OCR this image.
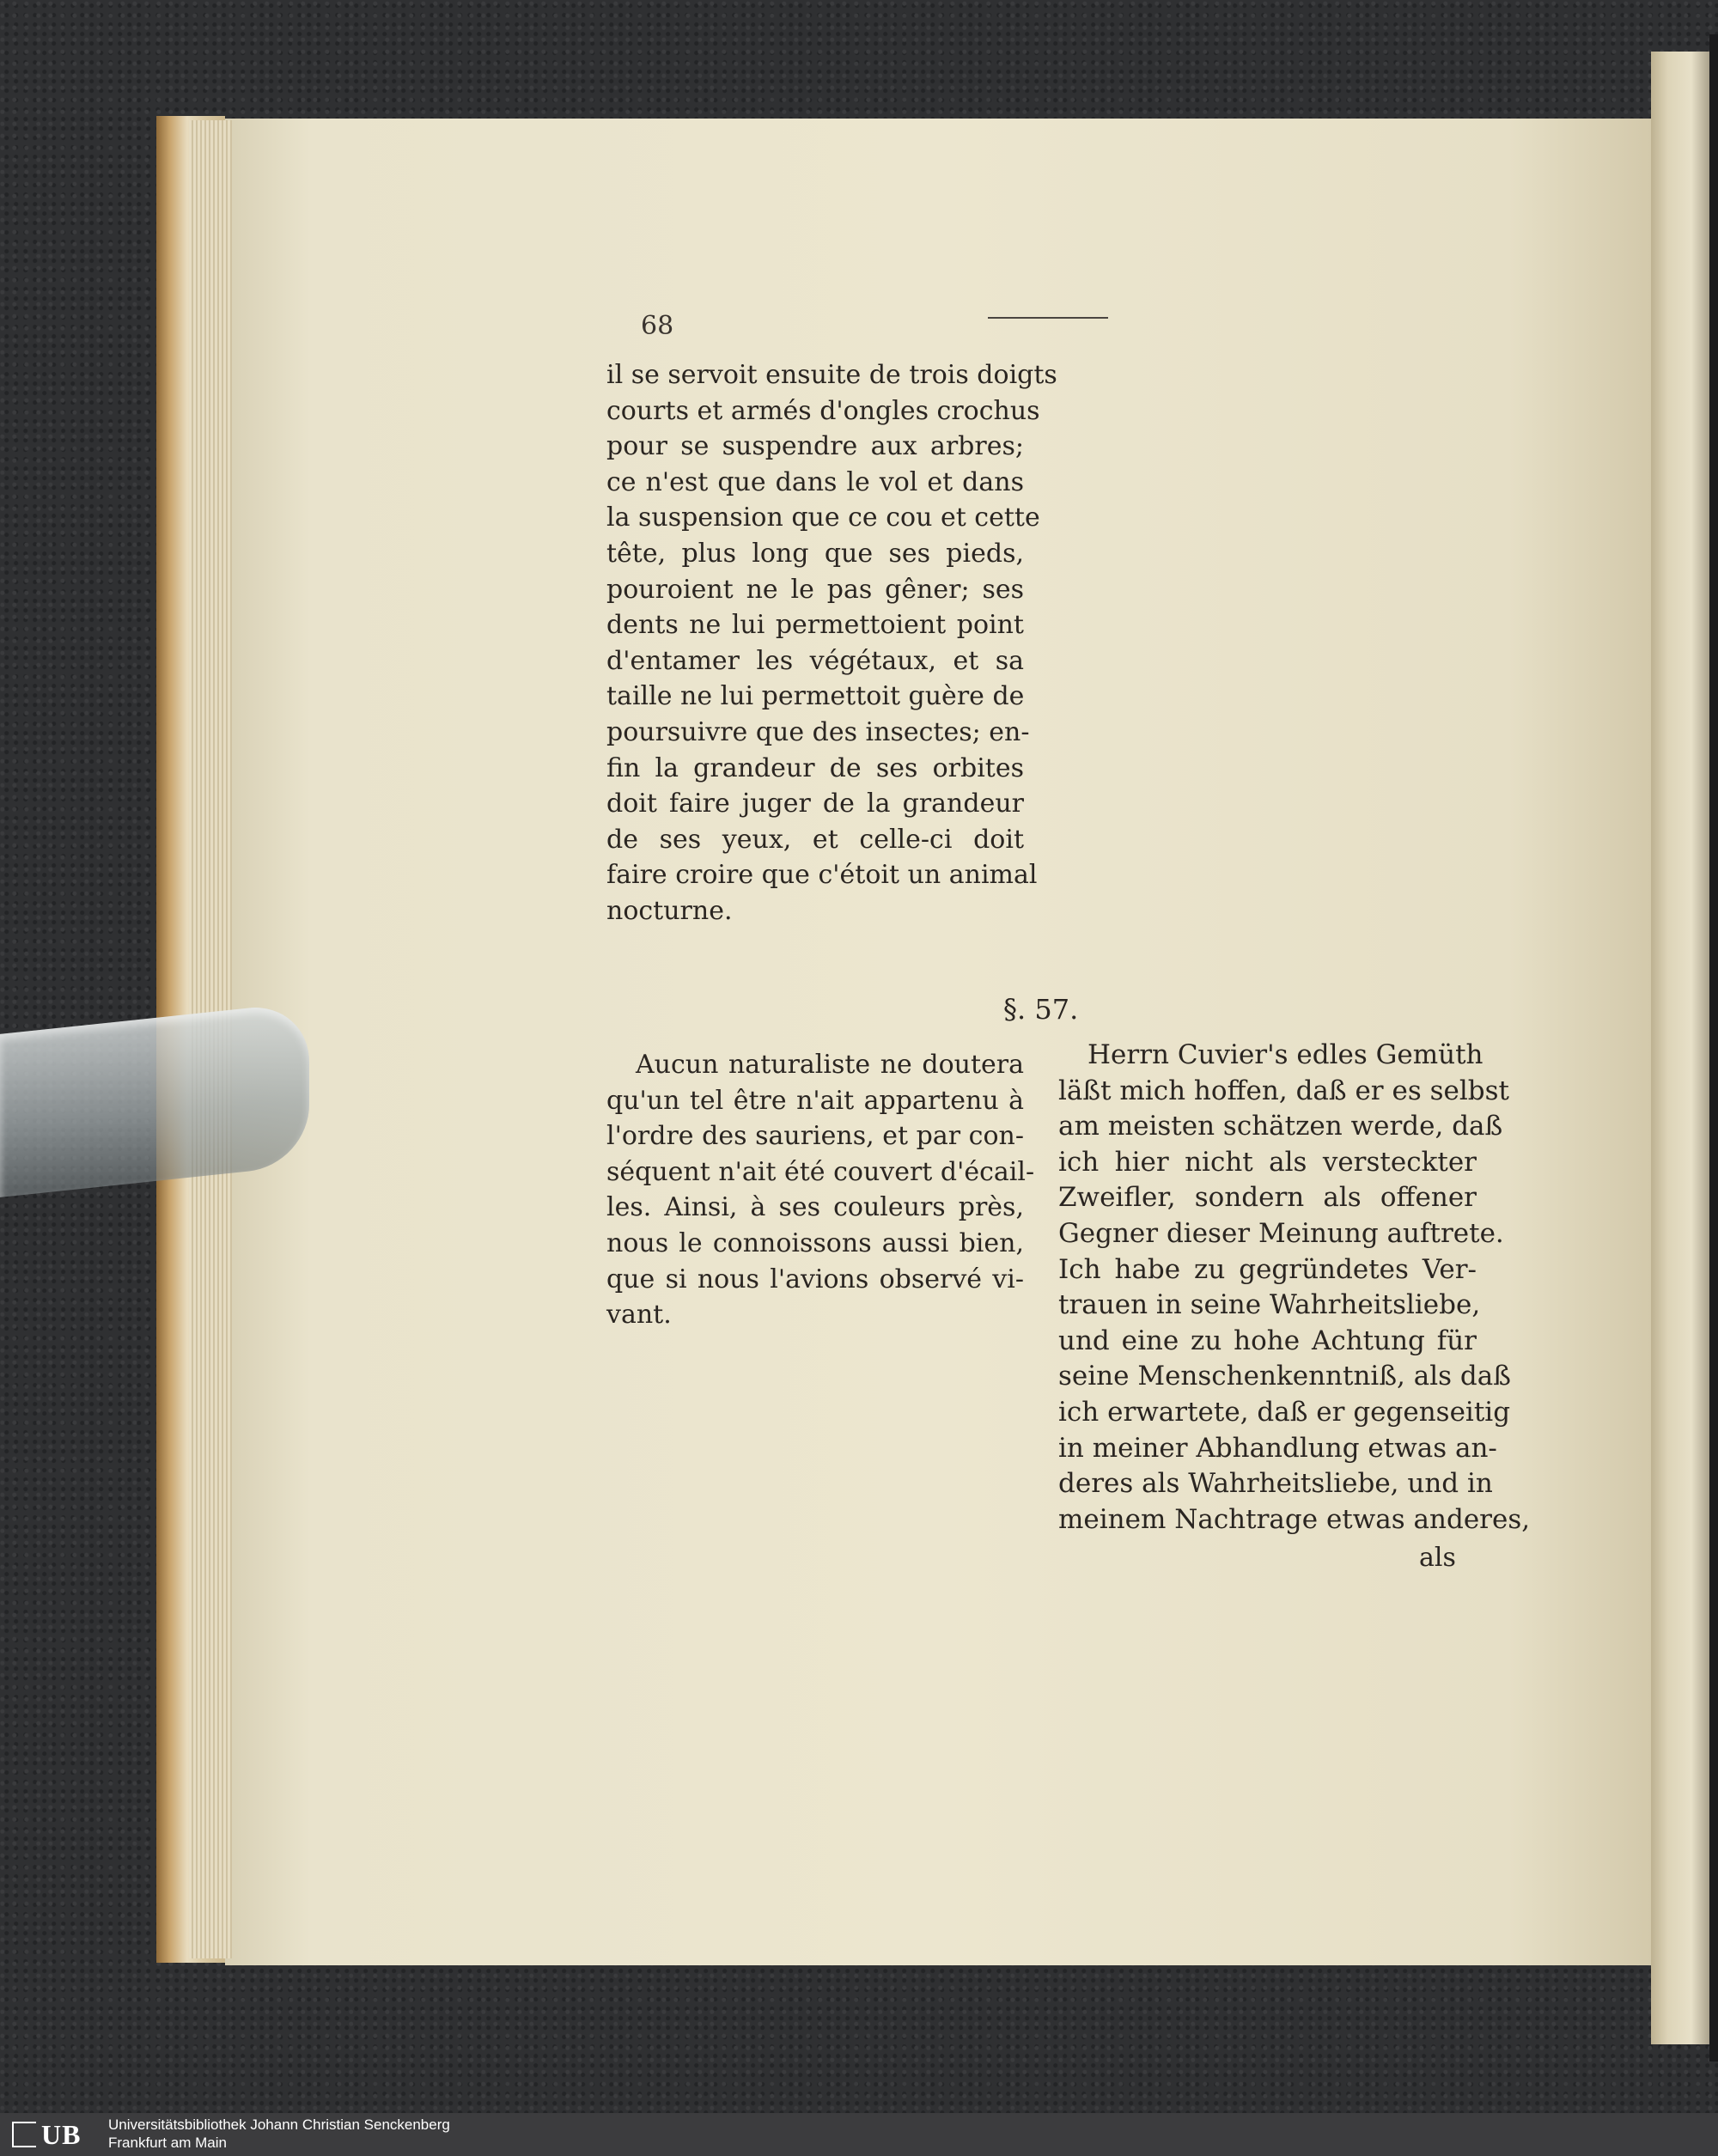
68
il se servoit ensuite de trois doigts
courts et armés d'ongles crochus
pour se suspendre aux arbres;
ce n'est que dans le vol et dans
la suspension que ce cou et cette
tête, plus long que ses pieds,
pouroient ne le pas gêner; ses
dents ne lui permettoient point
d'entamer les végétaux, et sa
taille ne lui permettoit guère de
poursuivre que des insectes; en-
fin la grandeur de ses orbites
doit faire juger de la grandeur
de ses yeux, et celle-ci doit
faire croire que c'étoit un animal
nocturne.
§. 57.
Aucun naturaliste ne doutera
qu'un tel être n'ait appartenu à
l'ordre des sauriens, et par con-
séquent n'ait été couvert d'écail-
les. Ainsi, à ses couleurs près,
nous le connoissons aussi bien,
que si nous l'avions observé vi-
vant.
Herrn Cuvier's edles Gemüth
läßt mich hoffen, daß er es selbst
am meisten schätzen werde, daß
ich hier nicht als versteckter
Zweifler, sondern als offener
Gegner dieser Meinung auftrete.
Ich habe zu gegründetes Ver-
trauen in seine Wahrheitsliebe,
und eine zu hohe Achtung für
seine Menschenkenntniß, als daß
ich erwartete, daß er gegenseitig
in meiner Abhandlung etwas an-
deres als Wahrheitsliebe, und in
meinem Nachtrage etwas anderes,
als
UB Universitätsbibliothek Johann Christian Senckenberg
Frankfurt am Main
